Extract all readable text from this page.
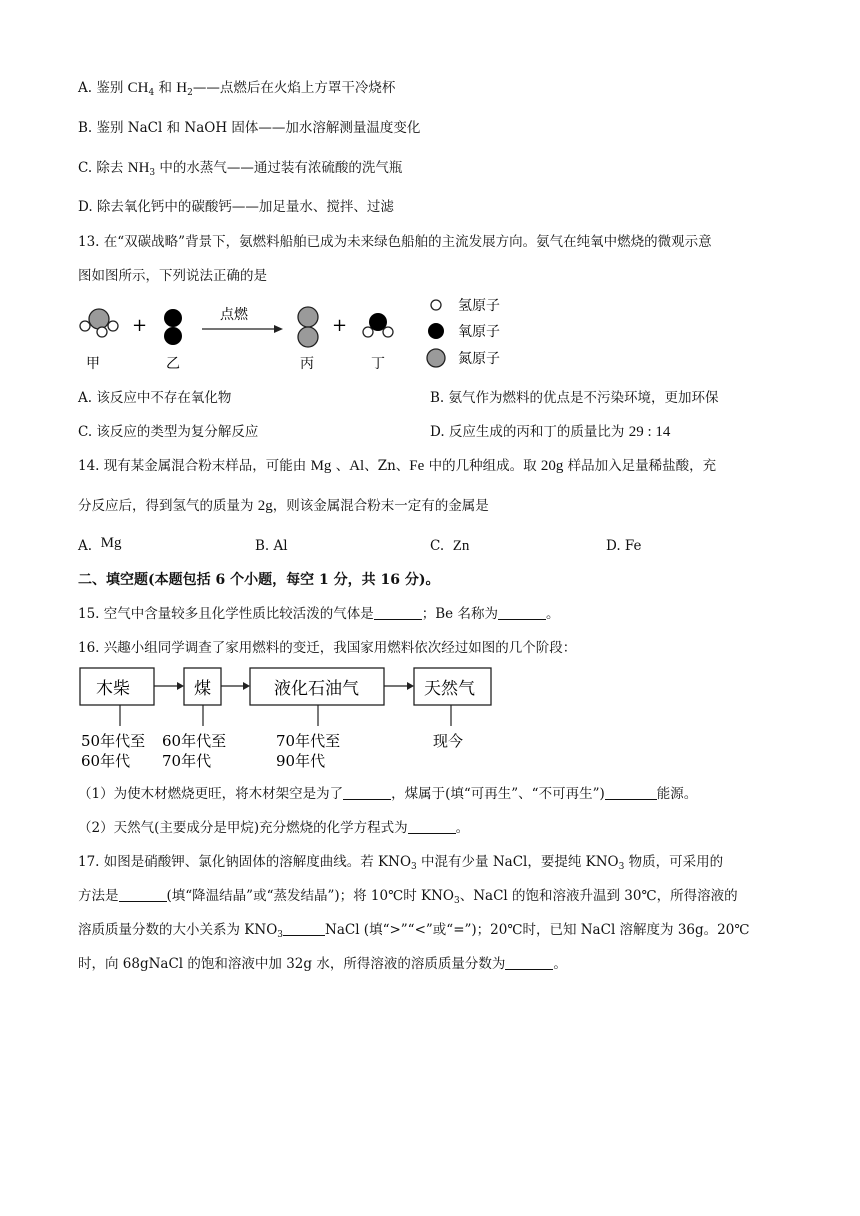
A. 鉴别 $CH_4$ 和 $H_2——$点燃后在火焰上方罩干冷烧杯
B. 鉴别 NaCl 和 NaOH 固体——加水溶解测量温度变化
C. 除去 $NH_3$ 中的水蒸气——通过装有浓硫酸的洗气瓶
D. 除去氧化钙中的碳酸钙——加足量水、搅拌、过滤
13. 在“双碳战略”背景下，氨燃料船舶已成为未来绿色船舶的主流发展方向。氨气在纯氧中燃烧的微观示意
图如图所示，下列说法正确的是
+	点燃	+
甲	乙	丙	丁
氢原子
氧原子
氮原子
A. 该反应中不存在氧化物	B. 氨气作为燃料的优点是不污染环境，更加环保
C. 该反应的类型为复分解反应	D. 反应生成的丙和丁的质量比为 29 : 14
14. 现有某金属混合粉末样品，可能由 Mg 、Al、Zn、Fe 中的几种组成。取 20g 样品加入足量稀盐酸，充
分反应后，得到氢气的质量为 2g，则该金属混合粉末一定有的金属是
A. Mg	B. Al	C. Zn	D. Fe
二、填空题(本题包括 6 个小题，每空 1 分，共 16 分)。
15. 空气中含量较多且化学性质比较活泼的气体是	；Be 名称为	。
16. 兴趣小组同学调查了家用燃料的变迁，我国家用燃料依次经过如图的几个阶段：
木柴	煤	液化石油气	天然气
50年代至
60年代
60年代至
70年代
70年代至
90年代
现今
（1）为使木材燃烧更旺，将木材架空是为了	，煤属于(填“可再生”、“不可再生”)	能源。
（2）天然气(主要成分是甲烷)充分燃烧的化学方程式为	。
17. 如图是硝酸钾、氯化钠固体的溶解度曲线。若 $KNO_3$ 中混有少量 NaCl，要提纯 $KNO_3$ 物质，可采用的
方法是	(填“降温结晶”或“蒸发结晶”)；将 10℃时 $KNO_3$、NaCl 的饱和溶液升温到 30℃，所得溶液的
溶质质量分数的大小关系为 $KNO_3$	NaCl (填“>”“<”或“=”)；20℃时，已知 NaCl 溶解度为 36g。20℃
时，向 68gNaCl 的饱和溶液中加 32g 水，所得溶液的溶质质量分数为	。
